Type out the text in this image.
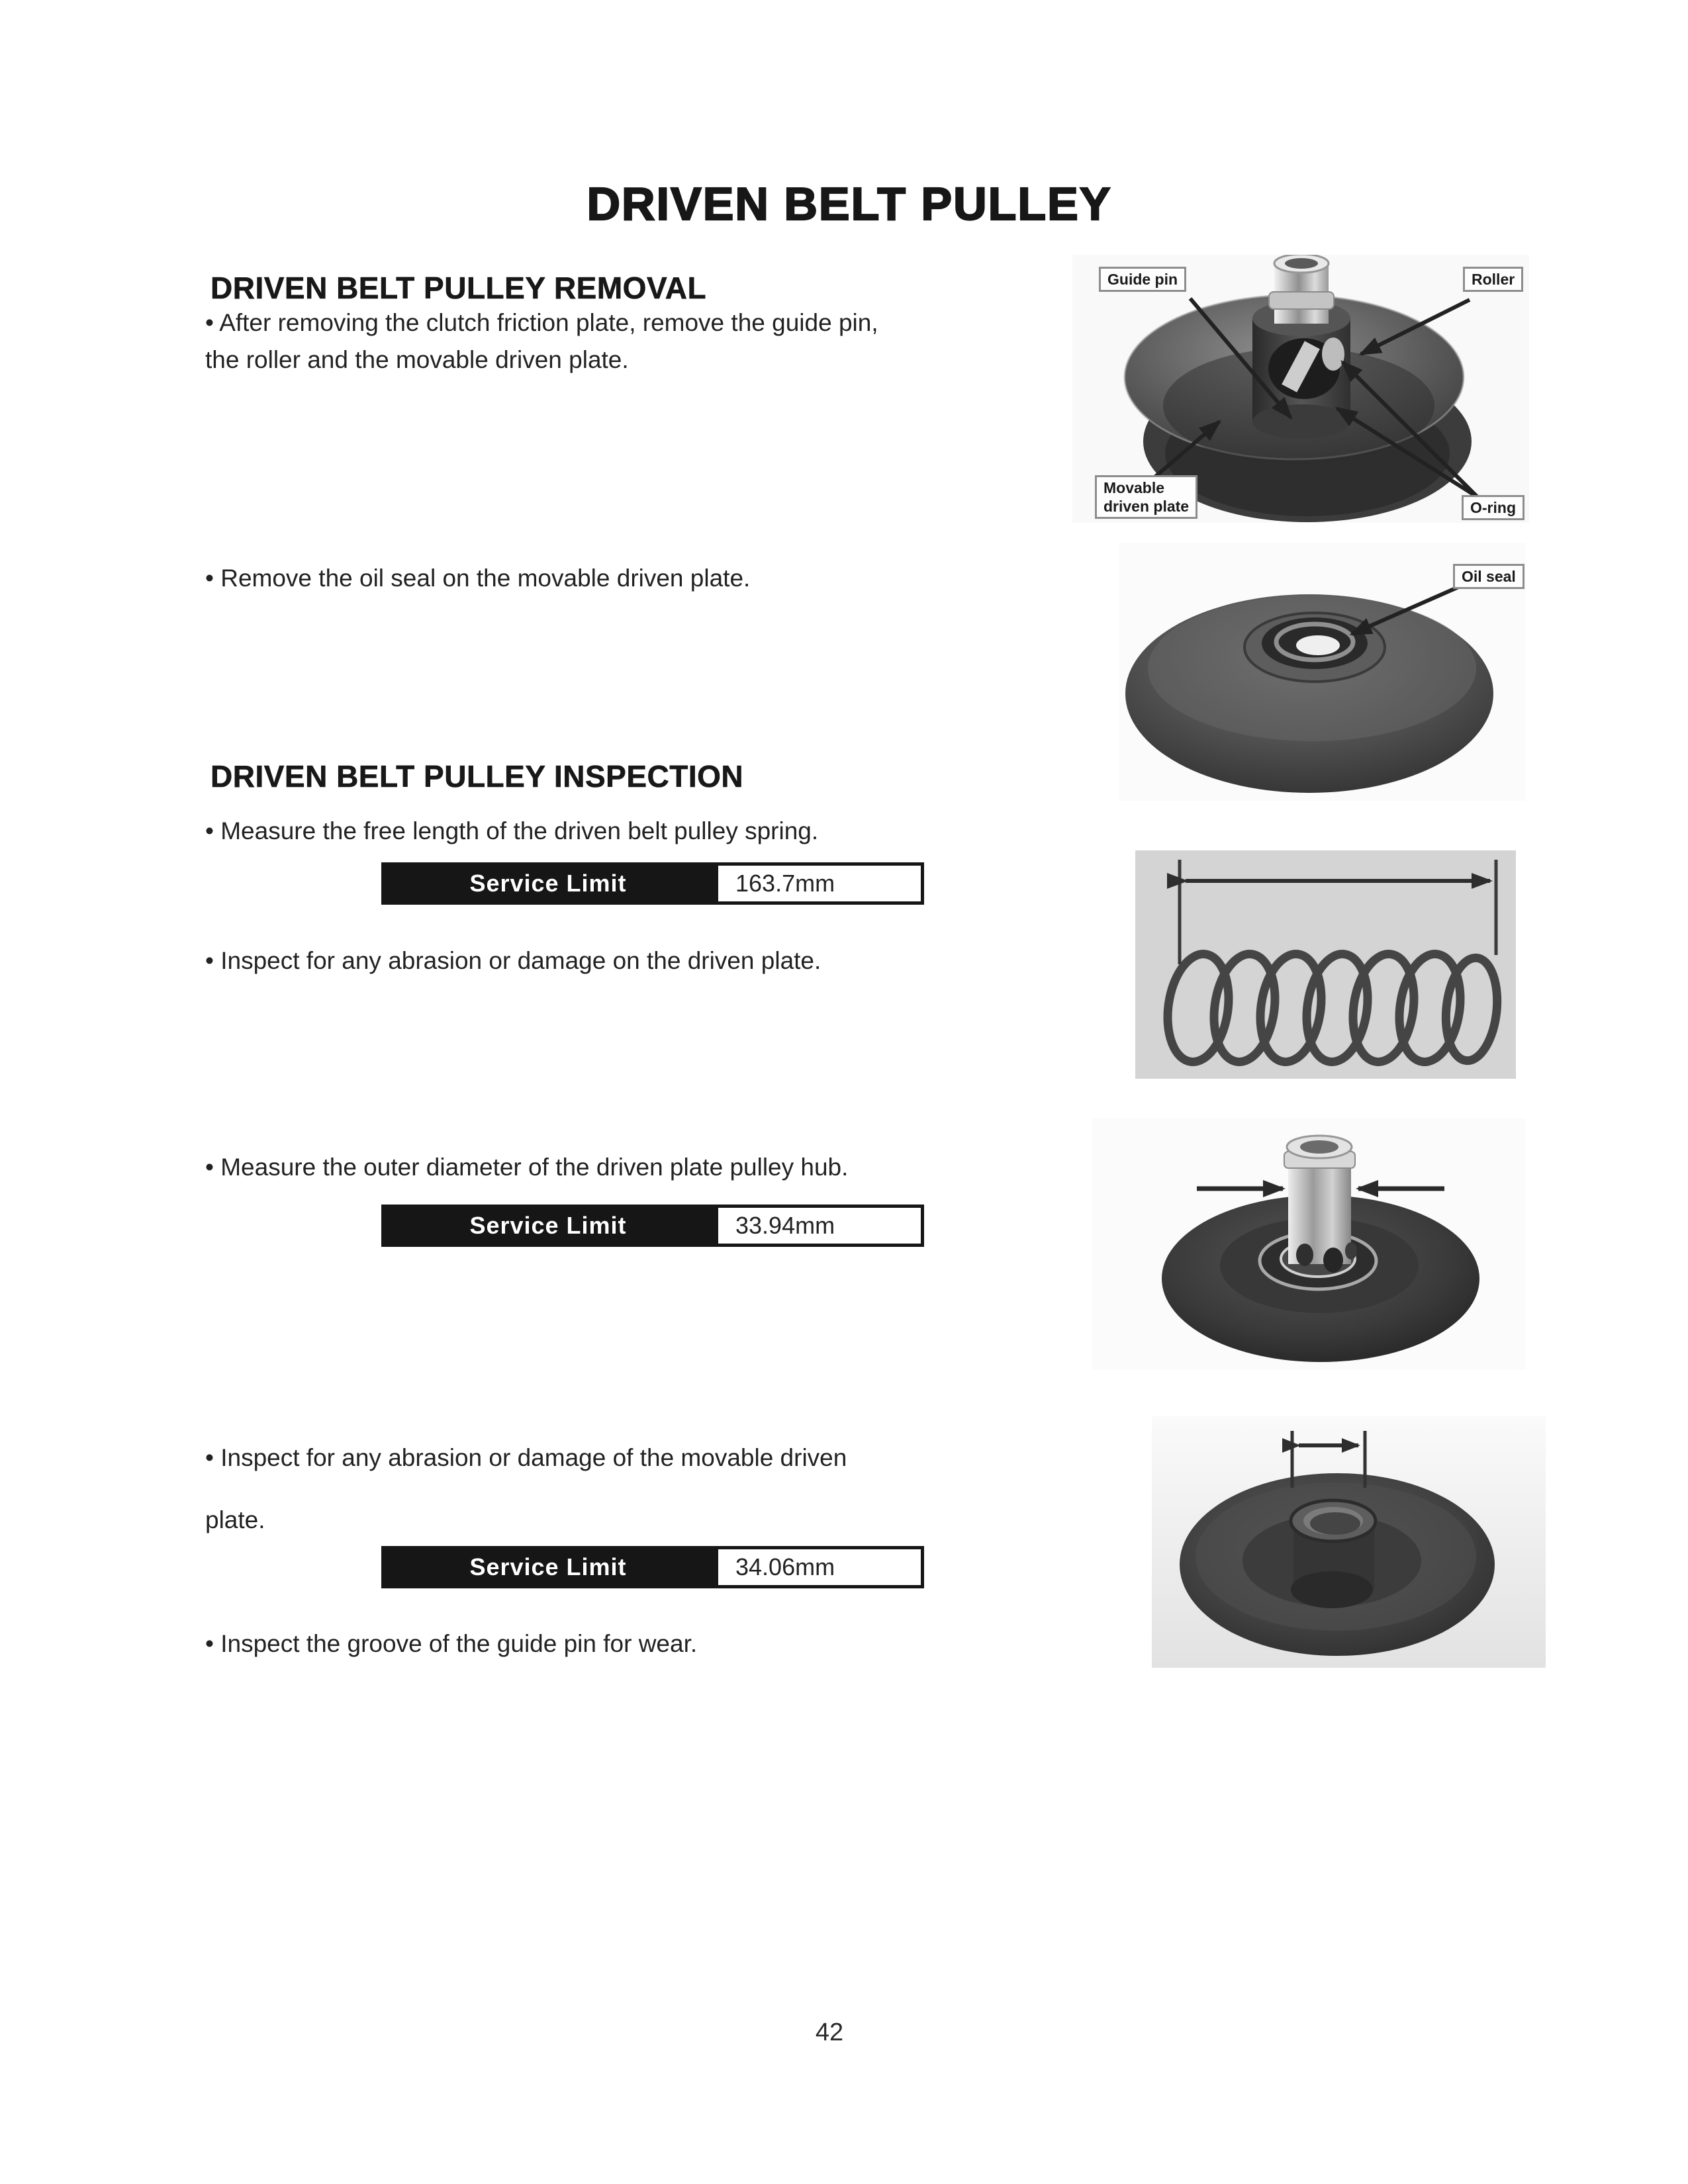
DRIVEN BELT PULLEY
DRIVEN BELT PULLEY REMOVAL
• After removing the clutch friction plate, remove the guide pin,
the roller and the movable driven plate.
• Remove the oil seal on the movable driven plate.
DRIVEN BELT PULLEY INSPECTION
• Measure the free length of the driven belt pulley spring.
Service Limit	163.7mm
• Inspect for any abrasion or damage on the driven plate.
• Measure the outer diameter of the driven plate pulley hub.
Service Limit	33.94mm
• Inspect for any abrasion or damage of the movable driven
plate.
Service Limit	34.06mm
• Inspect the groove of the guide pin for wear.
Guide pin	Roller
Movable
driven plate	O-ring
Oil seal
42
